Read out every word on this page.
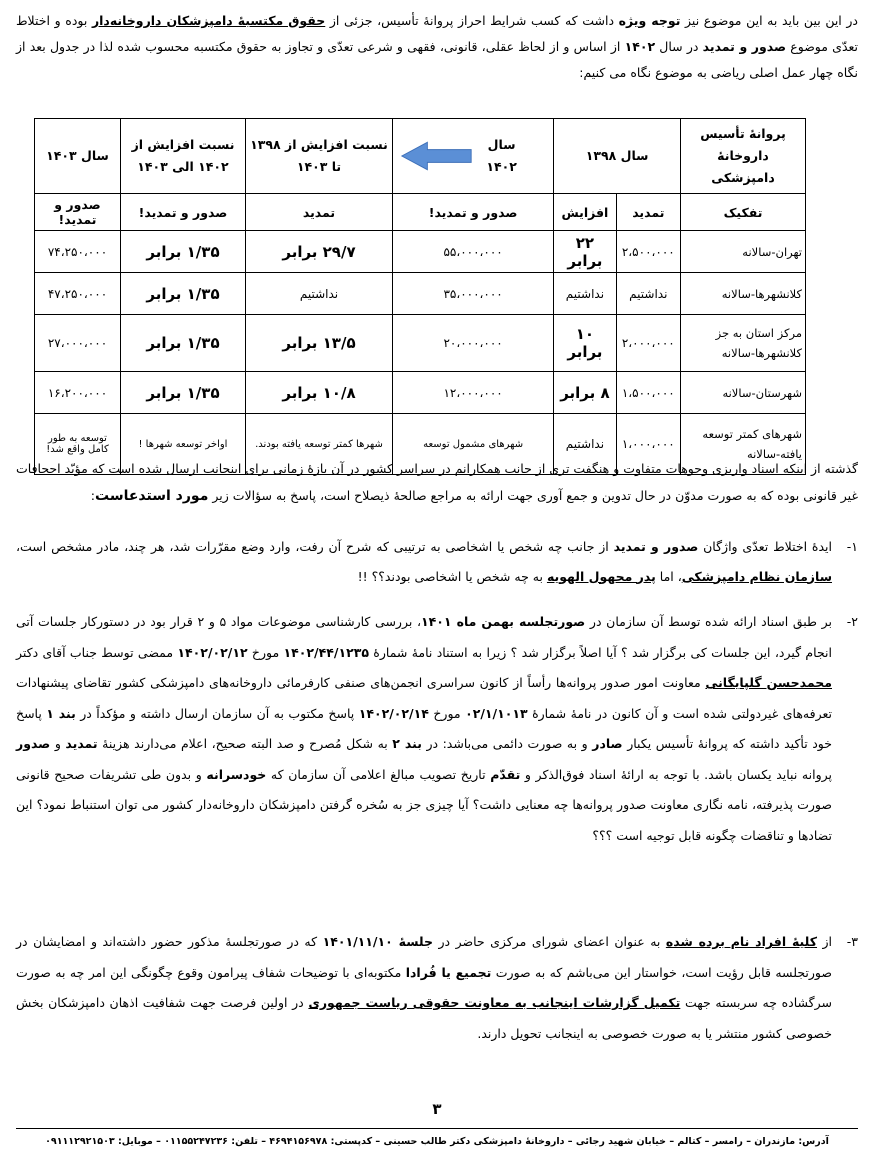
در این بین باید به این موضوع نیز توجه ویژه داشت که کسب شرایط احراز پروانهٔ تأسیس، جزئی از حقوق مکتسبهٔ دامپزشکان داروخانه‌دار بوده و اختلاط تعدّی موضوع صدور و تمدید در سال ۱۴۰۲ از اساس و از لحاظ عقلی، قانونی، فقهی و شرعی تعدّی و تجاوز به حقوق مکتسبه محسوب شده لذا در جدول بعد از نگاه چهار عمل اصلی ریاضی به موضوع نگاه می کنیم:

پروانهٔ تأسیس داروخانهٔ دامپزشکی	سال ۱۳۹۸		سال ۱۴۰۲	نسبت افزایش از ۱۳۹۸ تا ۱۴۰۳	نسبت افزایش از ۱۴۰۲ الی ۱۴۰۳	سال ۱۴۰۳
تفکیک	تمدید	افزایش	صدور و تمدید!	تمدید	صدور و تمدید!	صدور و تمدید!
تهران-سالانه	۲،۵۰۰،۰۰۰	۲۲ برابر	۵۵،۰۰۰،۰۰۰	۲۹/۷ برابر	۱/۳۵ برابر	۷۴،۲۵۰،۰۰۰
کلانشهرها-سالانه	نداشتیم	نداشتیم	۳۵،۰۰۰،۰۰۰	نداشتیم	۱/۳۵ برابر	۴۷،۲۵۰،۰۰۰
مرکز استان به جز کلانشهرها-سالانه	۲،۰۰۰،۰۰۰	۱۰ برابر	۲۰،۰۰۰،۰۰۰	۱۳/۵ برابر	۱/۳۵ برابر	۲۷،۰۰۰،۰۰۰
شهرستان-سالانه	۱،۵۰۰،۰۰۰	۸ برابر	۱۲،۰۰۰،۰۰۰	۱۰/۸ برابر	۱/۳۵ برابر	۱۶،۲۰۰،۰۰۰
شهرهای کمتر توسعه یافته-سالانه	۱،۰۰۰،۰۰۰	نداشتیم	شهرهای مشمول توسعه	شهرها کمتر توسعه یافته بودند.	اواخر توسعه شهرها !	توسعه به طور کامل واقع شد!

گذشته از اینکه اسناد واریزی وجوهات متفاوت و هنگفت تری از جانب همکارانم در سراسر کشور در آن بازهٔ زمانی برای اینجانب ارسال شده است که مؤیّد اجحافات غیر قانونی بوده که به صورت مدوّن در حال تدوین و جمع آوری جهت ارائه به مراجع صالحهٔ ذیصلاح است، پاسخ به سؤالات زیر مورد استدعاست:

۱-
ایدهٔ اختلاط تعدّی واژگان صدور و تمدید از جانب چه شخص یا اشخاصی به ترتیبی که شرح آن رفت، وارد وضع مقرّرات شد، هر چند، مادر مشخص است، سازمان نظام دامپزشکی، اما پدر مجهول الهویه به چه شخص یا اشخاصی بودند؟؟ !!
۲-
بر طبق اسناد ارائه شده توسط آن سازمان در صورتجلسه بهمن ماه ۱۴۰۱، بررسی کارشناسی موضوعات مواد ۵ و ۲ قرار بود در دستورکار جلسات آتی انجام گیرد، این جلسات کی برگزار شد ؟ آیا اصلاً برگزار شد ؟ زیرا به استناد نامهٔ شمارهٔ ۱۴۰۲/۴۴/۱۲۳۵ مورخ ۱۴۰۲/۰۲/۱۲ ممضی توسط جناب آقای دکتر محمدحسن گلپایگانی معاونت امور صدور پروانه‌ها رأساً از کانون سراسری انجمن‌های صنفی کارفرمائی داروخانه‌های دامپزشکی کشور تقاضای پیشنهادات تعرفه‌های غیردولتی شده است و آن کانون در نامهٔ شمارهٔ ۰۲/۱/۱۰۱۳ مورخ ۱۴۰۲/۰۲/۱۴ پاسخ مکتوب به آن سازمان ارسال داشته و مؤکداً در بند ۱ پاسخ خود تأکید داشته که پروانهٔ تأسیس یکبار صادر و به صورت دائمی می‌باشد: در بند ۲ به شکل مُصرح و صد البته صحیح، اعلام می‌دارند هزینهٔ تمدید و صدور پروانه نباید یکسان باشد. با توجه به ارائهٔ اسناد فوق‌الذکر و تقدّم تاریخ تصویب مبالغ اعلامی آن سازمان که خودسرانه و بدون طی تشریفات صحیح قانونی صورت پذیرفته، نامه نگاری معاونت صدور پروانه‌ها چه معنایی داشت؟ آیا چیزی جز به سُخره گرفتن دامپزشکان داروخانه‌دار کشور می توان استنباط نمود؟ این تضادها و تناقضات چگونه قابل توجیه است ؟؟؟
۳-
از کلیهٔ افراد نام برده شده به عنوان اعضای شورای مرکزی حاضر در جلسهٔ ۱۴۰۱/۱۱/۱۰ که در صورتجلسهٔ مذکور حضور داشته‌اند و امضایشان در صورتجلسه قابل رؤیت است، خواستار این می‌باشم که به صورت تجمیع یا فُرادا مکتوبه‌ای با توضیحات شفاف پیرامون وقوع چگونگی این امر چه به صورت سرگشاده چه سربسته جهت تکمیل گزارشات اینجانب به معاونت حقوقی ریاست جمهوری در اولین فرصت جهت شفافیت اذهان دامپزشکان بخش خصوصی کشور منتشر یا به صورت خصوصی به اینجانب تحویل دارند.
۳
آدرس: مازندران – رامسر – کتالم – خیابان شهید رجائی – داروخانهٔ دامپزشکی دکتر طالب حسینی – کدپستی: ۴۶۹۴۱۵۶۹۷۸ – تلفن: ۰۱۱۵۵۲۴۷۲۳۶ – موبایل: ۰۹۱۱۱۲۹۲۱۵۰۳
